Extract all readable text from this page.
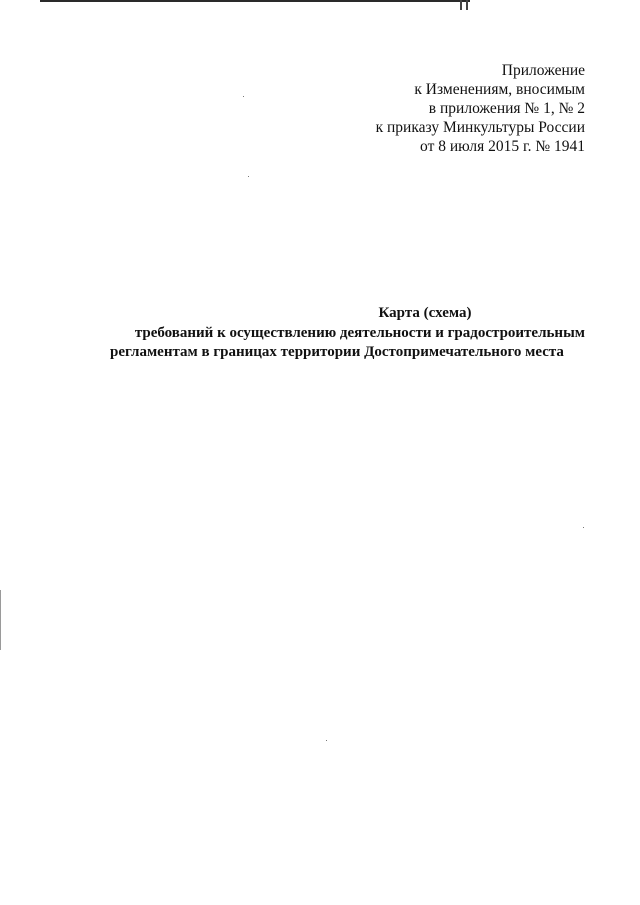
Приложение
к Изменениям, вносимым
в приложения № 1, № 2
к приказу Минкультуры России
от 8 июля 2015 г. № 1941
Карта (схема)
требований к осуществлению деятельности и градостроительным
регламентам в границах территории Достопримечательного места
